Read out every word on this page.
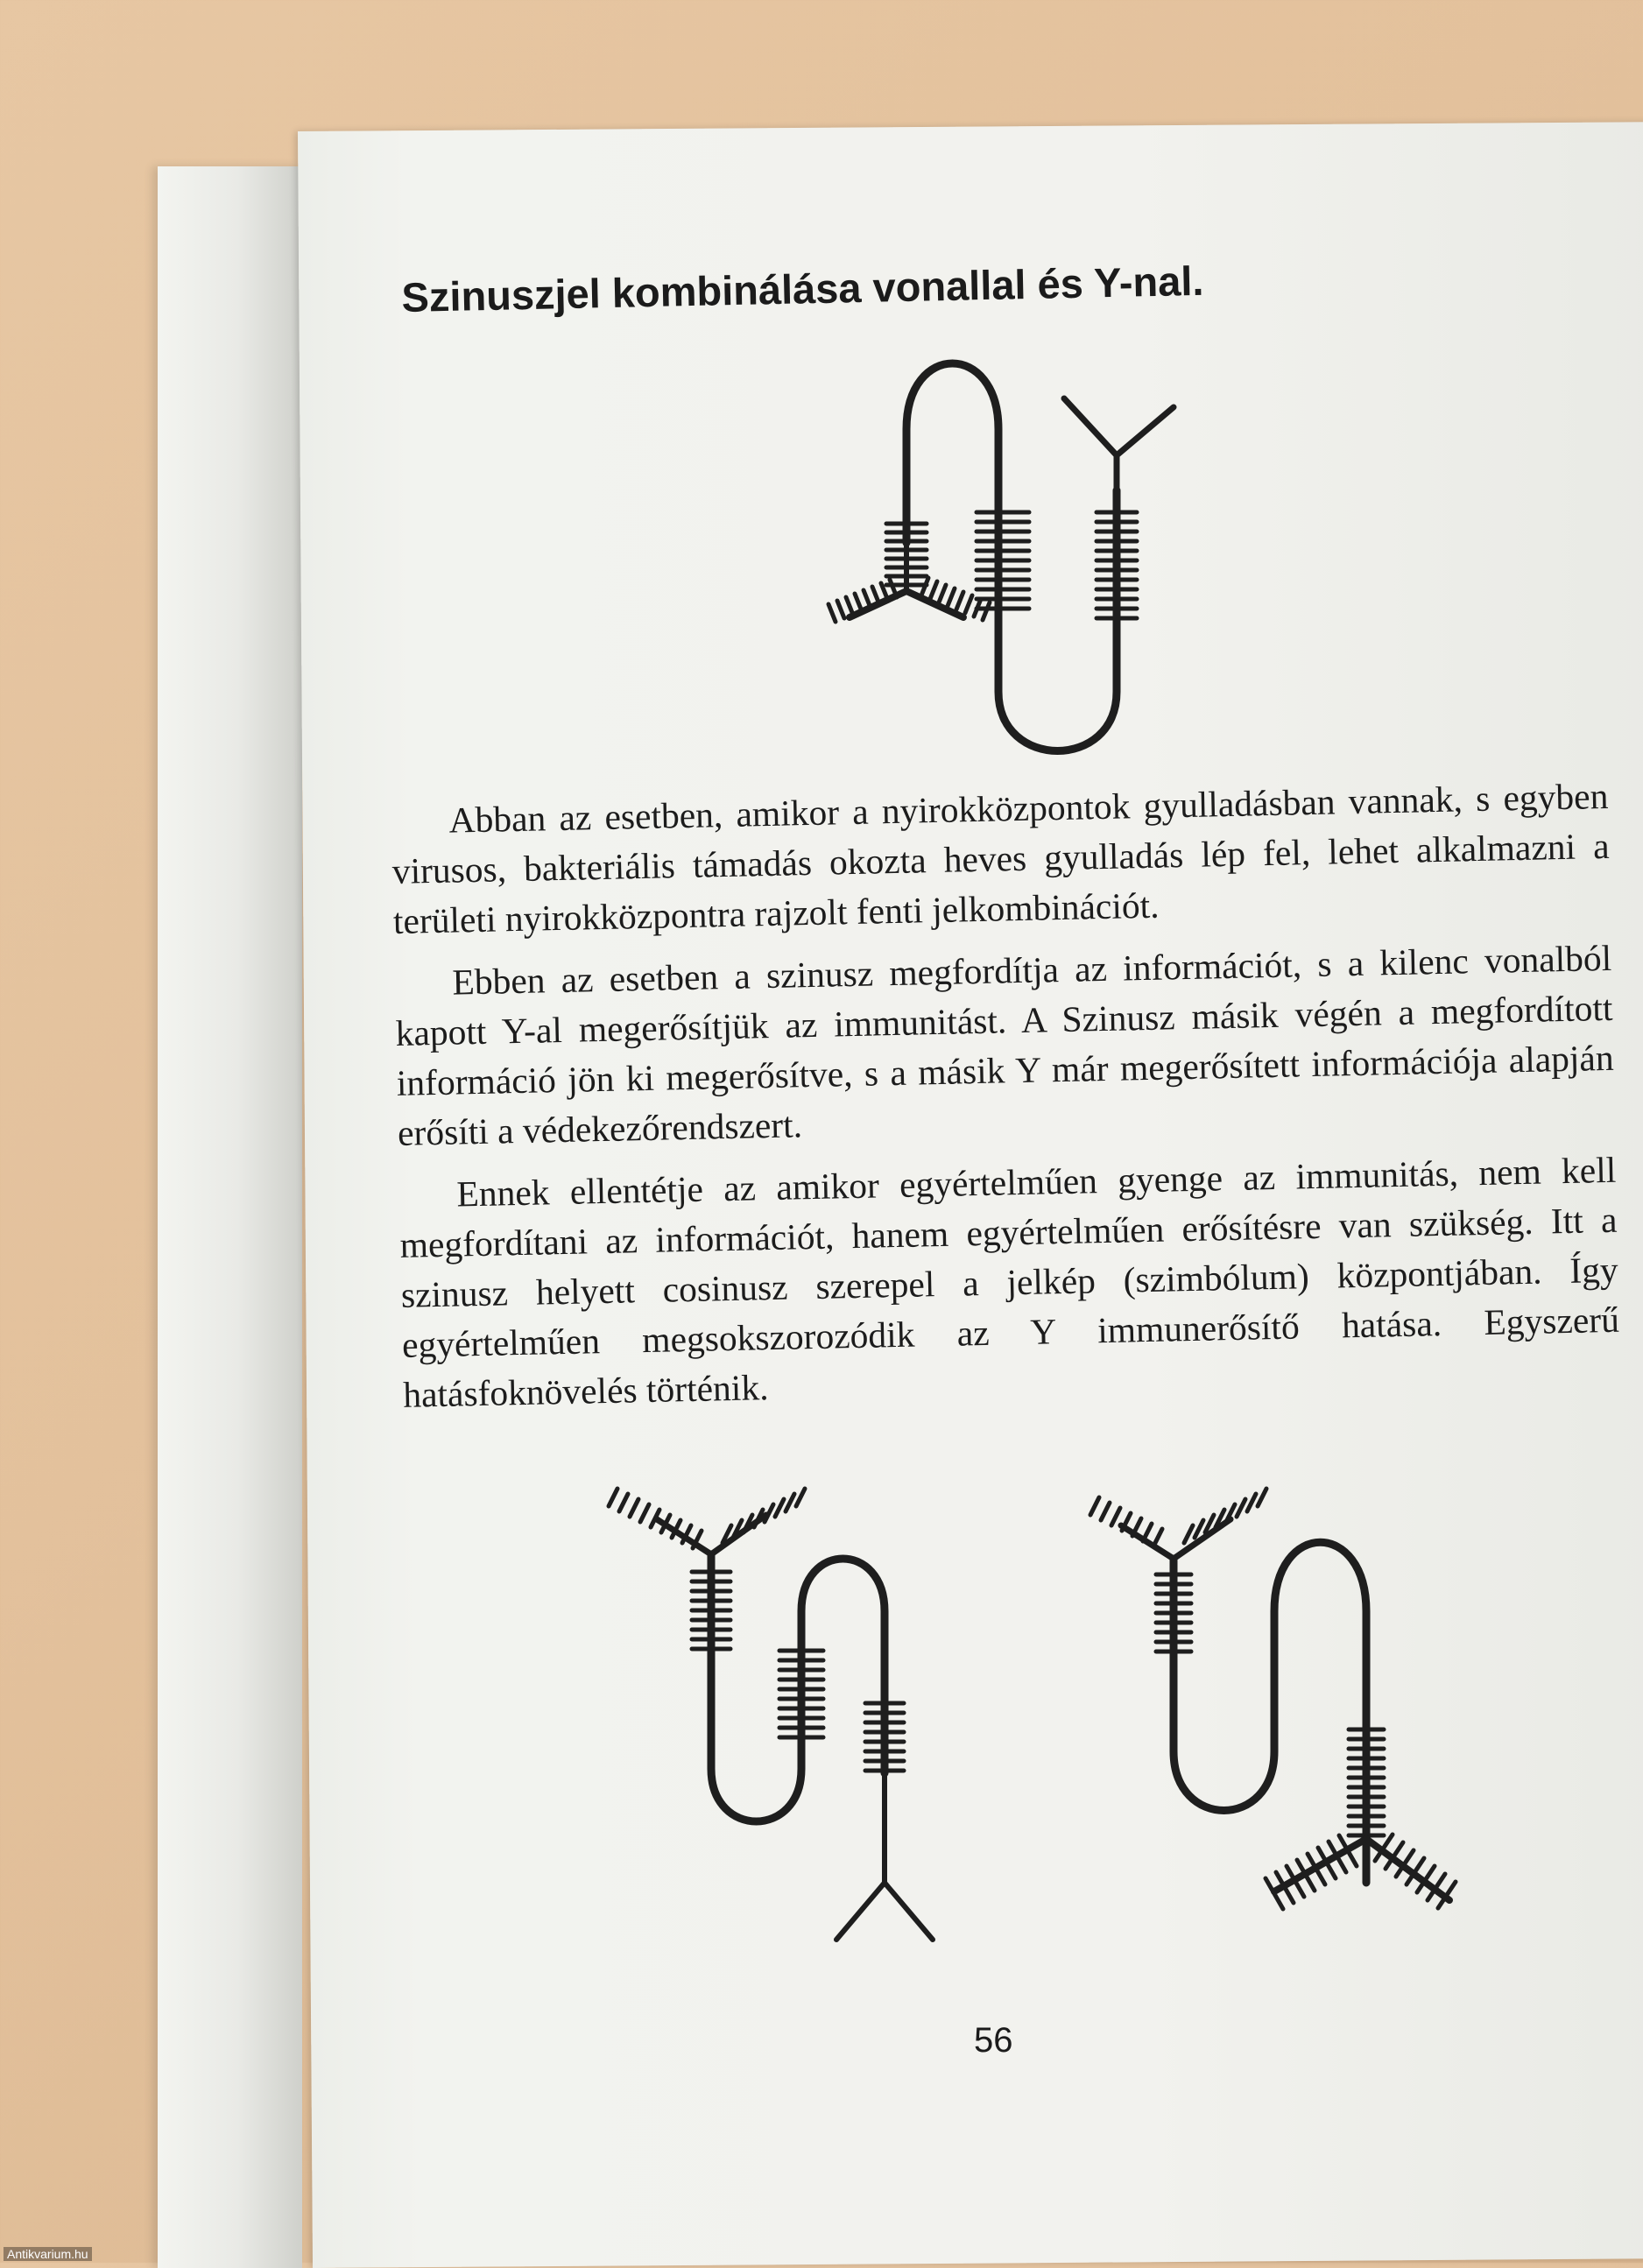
Szinuszjel kombinálása vonallal és Y-nal.

Abban az esetben, amikor a nyirokközpontok gyulladásban vannak, s egyben virusos, bakteriális támadás okozta heves gyulladás lép fel, lehet alkalmazni a területi nyirokközpontra rajzolt fenti jelkombinációt.

Ebben az esetben a szinusz megfordítja az információt, s a kilenc vonalból kapott Y-al megerősítjük az immunitást. A Szinusz másik végén a megfordított információ jön ki megerősítve, s a másik Y már megerősített információja alapján erősíti a védekezőrendszert.

Ennek ellentétje az amikor egyértelműen gyenge az immunitás, nem kell megfordítani az információt, hanem egyértelműen erősítésre van szükség. Itt a szinusz helyett cosinusz szerepel a jelkép (szimbólum) központjában. Így egyértelműen megsokszorozódik az Y immunerősítő hatása. Egyszerű hatásfoknövelés történik.

56
Antikvarium.hu
